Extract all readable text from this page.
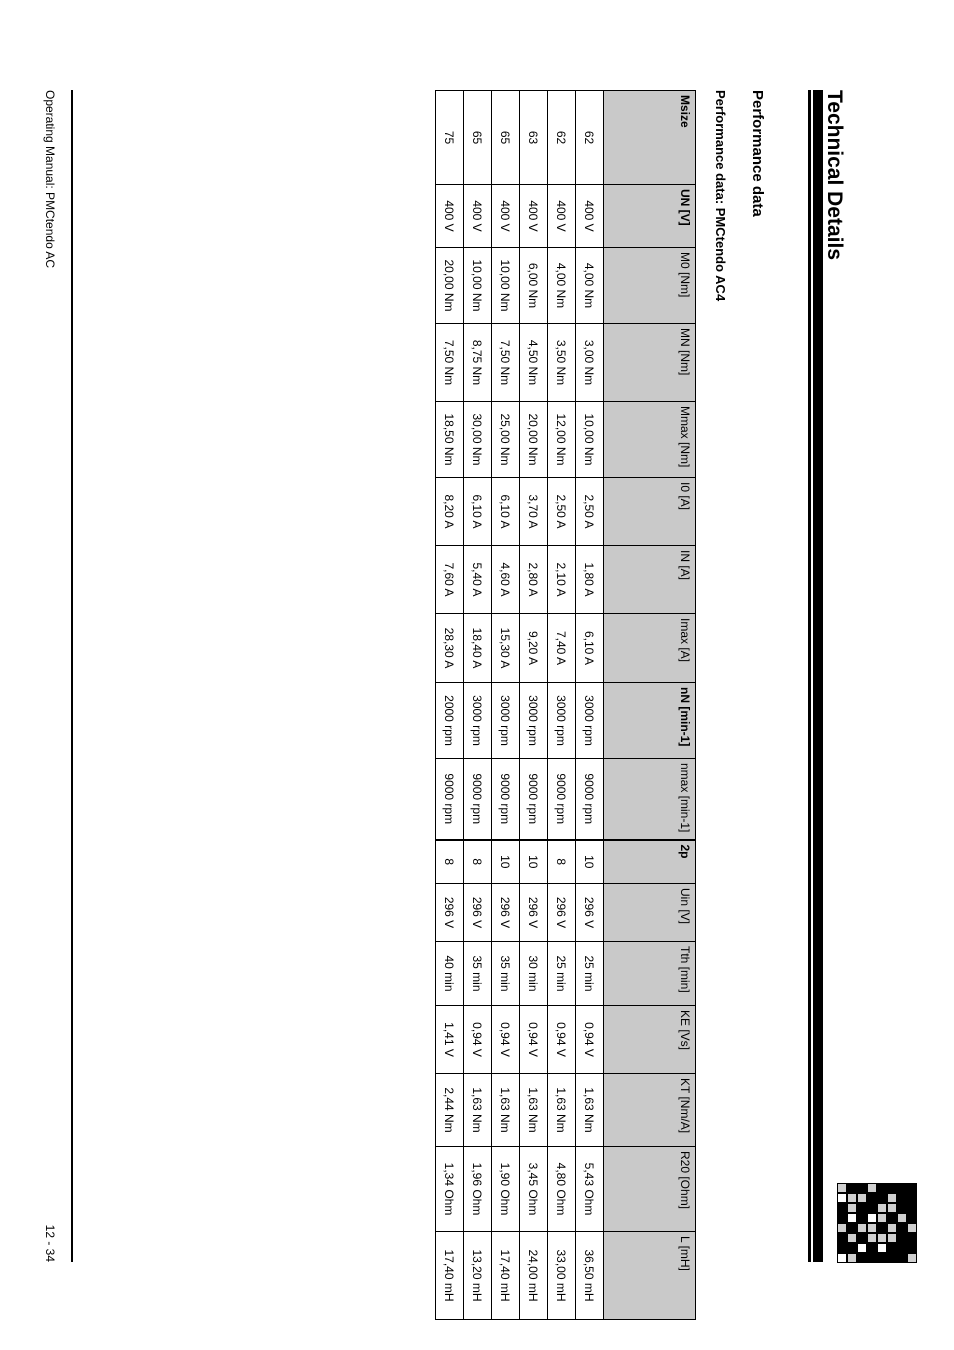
Technical Details
Performance data
Performance data: PMCtendo AC4
Msize	UN [V]	M0 [Nm]	MN [Nm]	Mmax [Nm]	I0 [A]	IN [A]	Imax [A]	nN [min-1]	nmax [min-1]	2p	Uin [V]	Tth [min]	KE [Vs]	KT [Nm/A]	R20 [Ohm]	L [mH]
62	400 V	4,00 Nm	3,00 Nm	10,00 Nm	2,50 A	1,80 A	6,10 A	3000 rpm	9000 rpm	10	296 V	25 min	0,94 V	1,63 Nm	5,43 Ohm	36,50 mH
62	400 V	4,00 Nm	3,50 Nm	12,00 Nm	2,50 A	2,10 A	7,40 A	3000 rpm	9000 rpm	8	296 V	25 min	0,94 V	1,63 Nm	4,80 Ohm	33,00 mH
63	400 V	6,00 Nm	4,50 Nm	20,00 Nm	3,70 A	2,80 A	9,20 A	3000 rpm	9000 rpm	10	296 V	30 min	0,94 V	1,63 Nm	3,45 Ohm	24,00 mH
65	400 V	10,00 Nm	7,50 Nm	25,00 Nm	6,10 A	4,60 A	15,30 A	3000 rpm	9000 rpm	10	296 V	35 min	0,94 V	1,63 Nm	1,90 Ohm	17,40 mH
65	400 V	10,00 Nm	8,75 Nm	30,00 Nm	6,10 A	5,40 A	18,40 A	3000 rpm	9000 rpm	8	296 V	35 min	0,94 V	1,63 Nm	1,96 Ohm	13,20 mH
75	400 V	20,00 Nm	7,50 Nm	18,50 Nm	8,20 A	7,60 A	28,30 A	2000 rpm	9000 rpm	8	296 V	40 min	1,41 V	2,44 Nm	1,34 Ohm	17,40 mH
Operating Manual: PMCtendo AC
12 - 34
